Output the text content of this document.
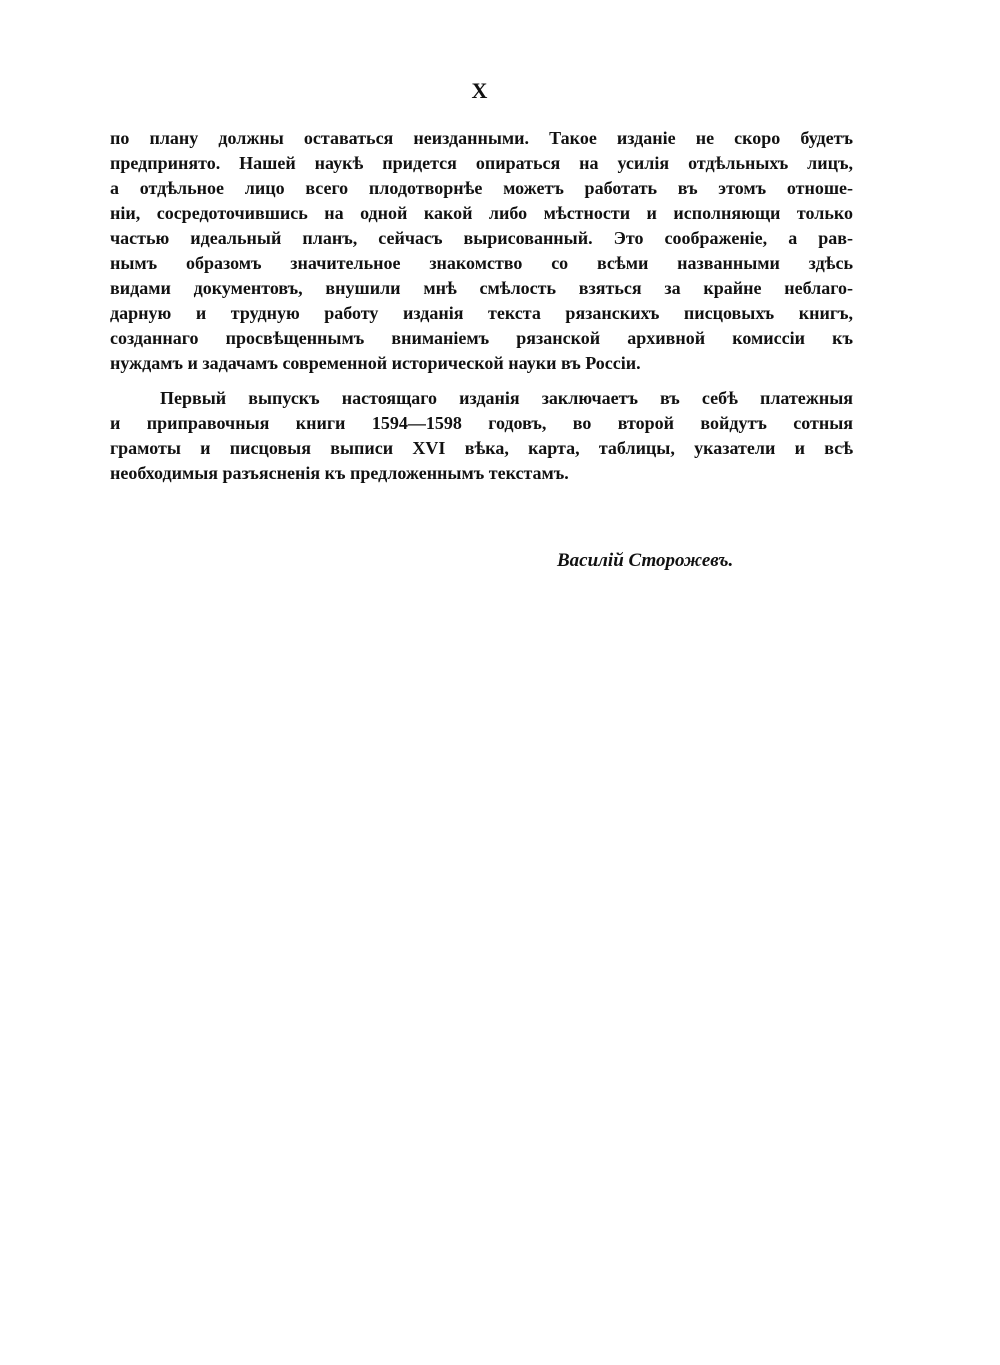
X
по плану должны оставаться неизданными. Такое изданіе не скоро будетъ
предпринято. Нашей наукѣ придется опираться на усилія отдѣльныхъ лицъ,
а отдѣльное лицо всего плодотворнѣе можетъ работать въ этомъ отноше-
ніи, сосредоточившись на одной какой либо мѣстности и исполняющи только
частью идеальный планъ, сейчасъ вырисованный. Это соображеніе, а рав-
нымъ образомъ значительное знакомство со всѣми названными здѣсь
видами документовъ, внушили мнѣ смѣлость взяться за крайне неблаго-
дарную и трудную работу изданія текста рязанскихъ писцовыхъ книгъ,
созданнаго просвѣщеннымъ вниманіемъ рязанской архивной комиссіи къ
нуждамъ и задачамъ современной исторической науки въ Россіи.
Первый выпускъ настоящаго изданія заключаетъ въ себѣ платежныя
и приправочныя книги 1594—1598 годовъ, во второй войдутъ сотныя
грамоты и писцовыя выписи XVI вѣка, карта, таблицы, указатели и всѣ
необходимыя разъясненія къ предложеннымъ текстамъ.
Василій Сторожевъ.
